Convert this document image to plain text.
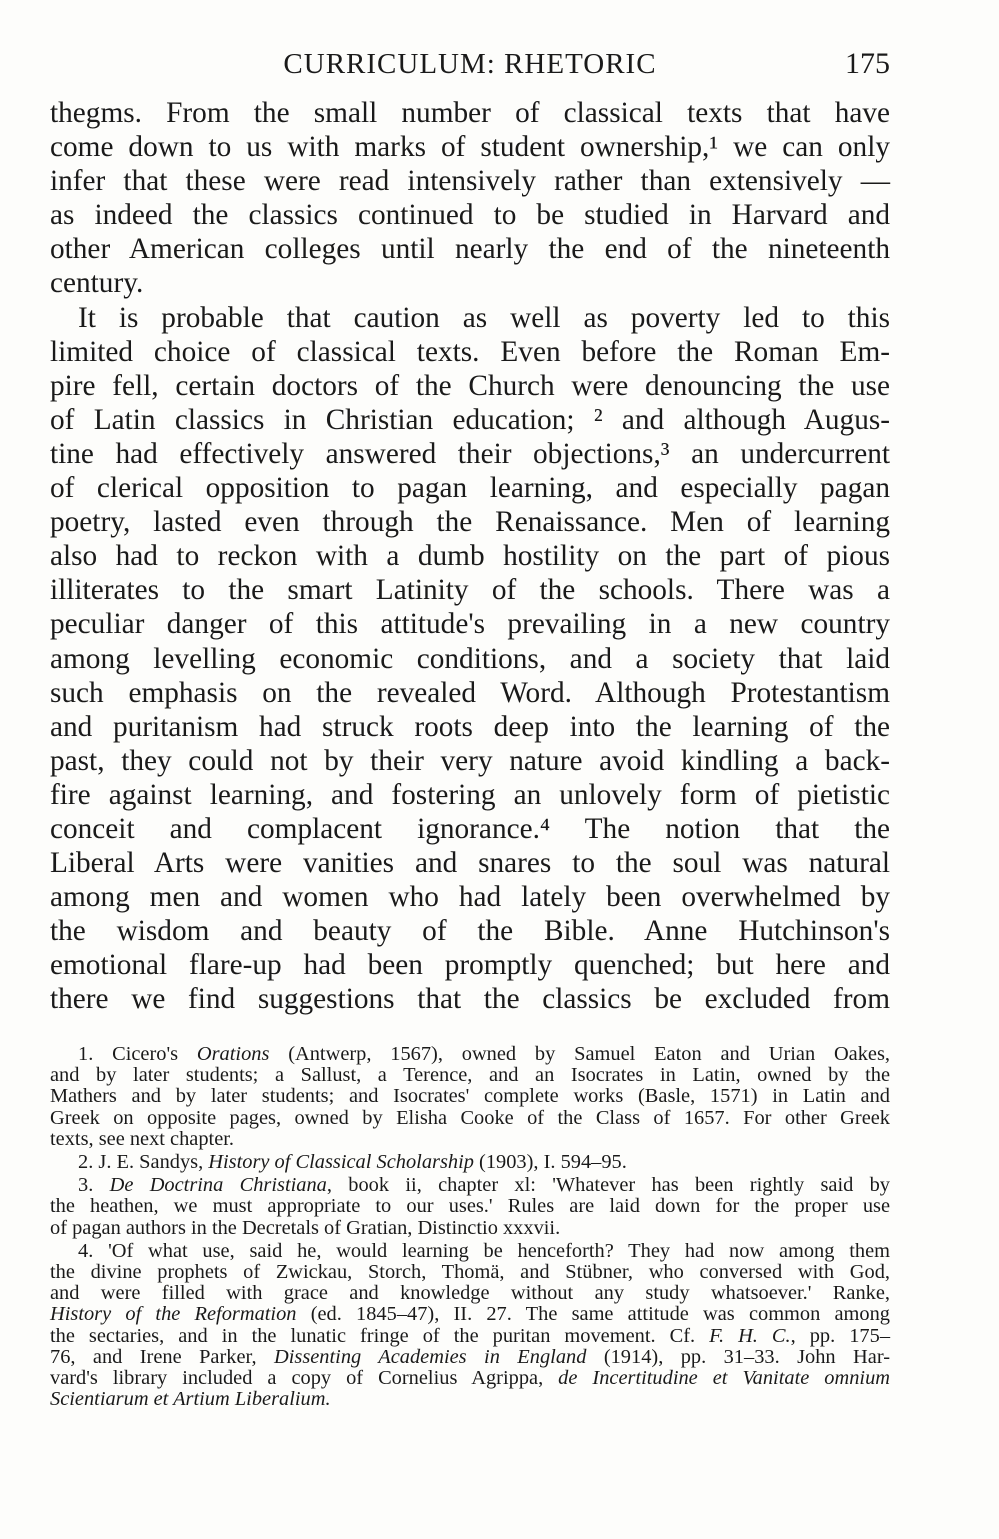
CURRICULUM: RHETORIC	175
thegms. From the small number of classical texts that have
come down to us with marks of student ownership,¹ we can only
infer that these were read intensively rather than extensively —
as indeed the classics continued to be studied in Harvard and
other American colleges until nearly the end of the nineteenth
century.
It is probable that caution as well as poverty led to this
limited choice of classical texts. Even before the Roman Em-
pire fell, certain doctors of the Church were denouncing the use
of Latin classics in Christian education; ² and although Augus-
tine had effectively answered their objections,³ an undercurrent
of clerical opposition to pagan learning, and especially pagan
poetry, lasted even through the Renaissance. Men of learning
also had to reckon with a dumb hostility on the part of pious
illiterates to the smart Latinity of the schools. There was a
peculiar danger of this attitude's prevailing in a new country
among levelling economic conditions, and a society that laid
such emphasis on the revealed Word. Although Protestantism
and puritanism had struck roots deep into the learning of the
past, they could not by their very nature avoid kindling a back-
fire against learning, and fostering an unlovely form of pietistic
conceit and complacent ignorance.⁴ The notion that the
Liberal Arts were vanities and snares to the soul was natural
among men and women who had lately been overwhelmed by
the wisdom and beauty of the Bible. Anne Hutchinson's
emotional flare-up had been promptly quenched; but here and
there we find suggestions that the classics be excluded from
1. Cicero's Orations (Antwerp, 1567), owned by Samuel Eaton and Urian Oakes,
and by later students; a Sallust, a Terence, and an Isocrates in Latin, owned by the
Mathers and by later students; and Isocrates' complete works (Basle, 1571) in Latin and
Greek on opposite pages, owned by Elisha Cooke of the Class of 1657. For other Greek
texts, see next chapter.
2. J. E. Sandys, History of Classical Scholarship (1903), I. 594–95.
3. De Doctrina Christiana, book ii, chapter xl: 'Whatever has been rightly said by
the heathen, we must appropriate to our uses.' Rules are laid down for the proper use
of pagan authors in the Decretals of Gratian, Distinctio xxxvii.
4. 'Of what use, said he, would learning be henceforth? They had now among them
the divine prophets of Zwickau, Storch, Thomä, and Stübner, who conversed with God,
and were filled with grace and knowledge without any study whatsoever.' Ranke,
History of the Reformation (ed. 1845–47), II. 27. The same attitude was common among
the sectaries, and in the lunatic fringe of the puritan movement. Cf. F. H. C., pp. 175–
76, and Irene Parker, Dissenting Academies in England (1914), pp. 31–33. John Har-
vard's library included a copy of Cornelius Agrippa, de Incertitudine et Vanitate omnium
Scientiarum et Artium Liberalium.
